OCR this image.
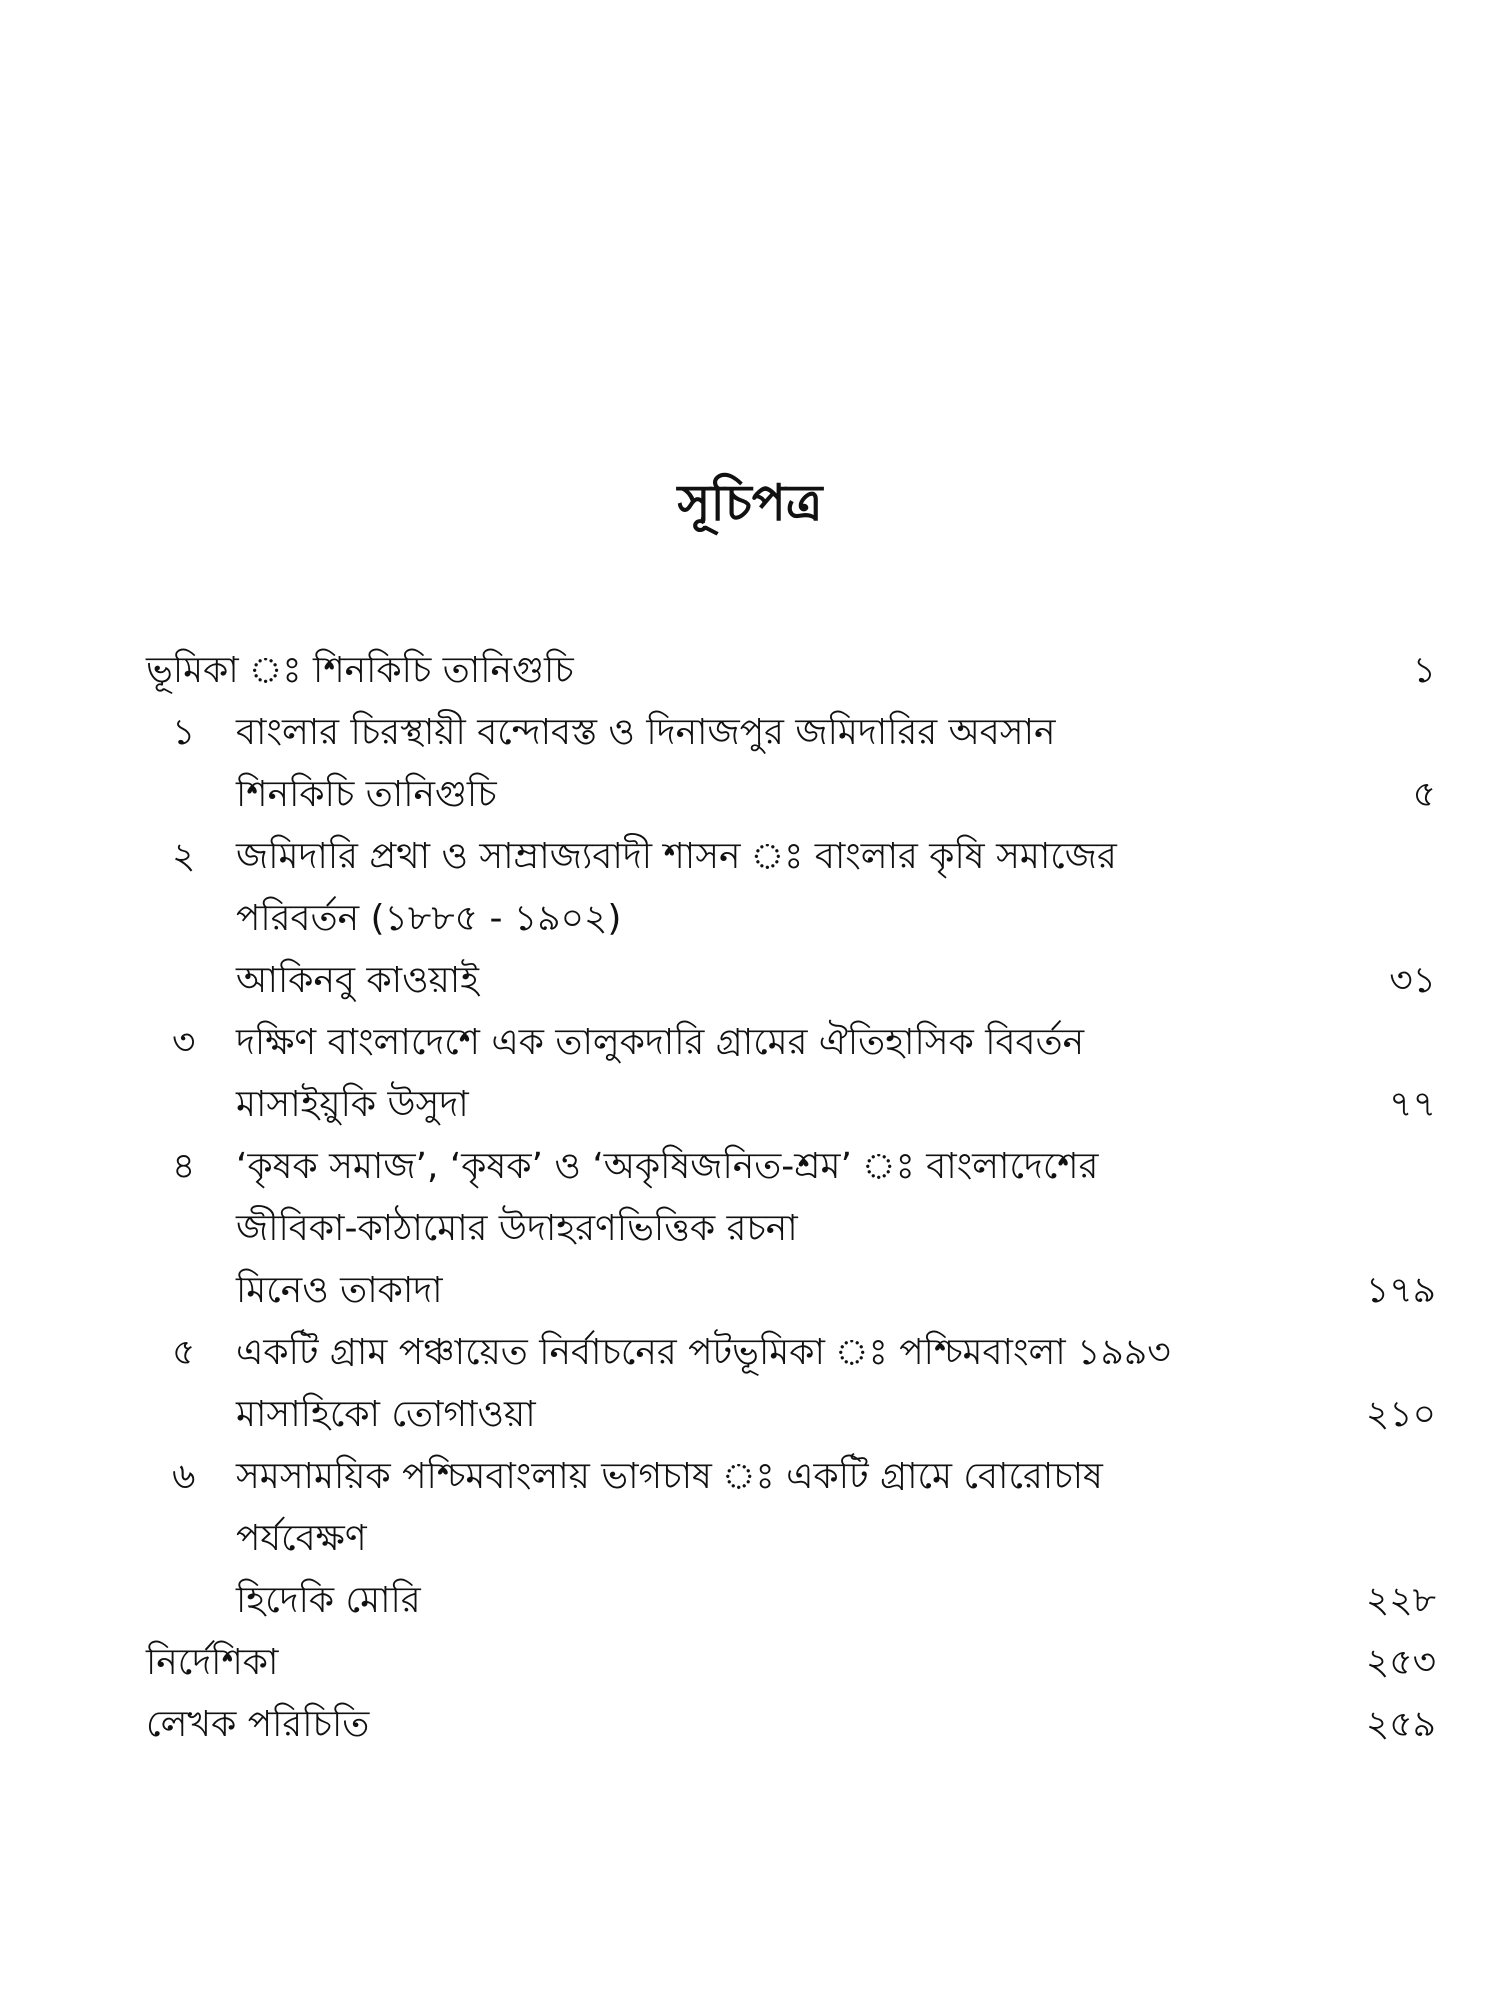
সূচিপত্র
ভূমিকা ঃ শিনকিচি তানিগুচি	১
১ বাংলার চিরস্থায়ী বন্দোবস্ত ও দিনাজপুর জমিদারির অবসান
শিনকিচি তানিগুচি	৫
২ জমিদারি প্রথা ও সাম্রাজ্যবাদী শাসন ঃ বাংলার কৃষি সমাজের
পরিবর্তন (১৮৮৫ - ১৯০২)
আকিনবু কাওয়াই	৩১
৩ দক্ষিণ বাংলাদেশে এক তালুকদারি গ্রামের ঐতিহাসিক বিবর্তন
মাসাইয়ুকি উসুদা	৭৭
৪ ‘কৃষক সমাজ’, ‘কৃষক’ ও ‘অকৃষিজনিত-শ্রম’ ঃ বাংলাদেশের
জীবিকা-কাঠামোর উদাহরণভিত্তিক রচনা
মিনেও তাকাদা	১৭৯
৫ একটি গ্রাম পঞ্চায়েত নির্বাচনের পটভূমিকা ঃ পশ্চিমবাংলা ১৯৯৩
মাসাহিকো তোগাওয়া	২১০
৬ সমসাময়িক পশ্চিমবাংলায় ভাগচাষ ঃ একটি গ্রামে বোরোচাষ
পর্যবেক্ষণ
হিদেকি মোরি	২২৮
নির্দেশিকা	২৫৩
লেখক পরিচিতি	২৫৯
